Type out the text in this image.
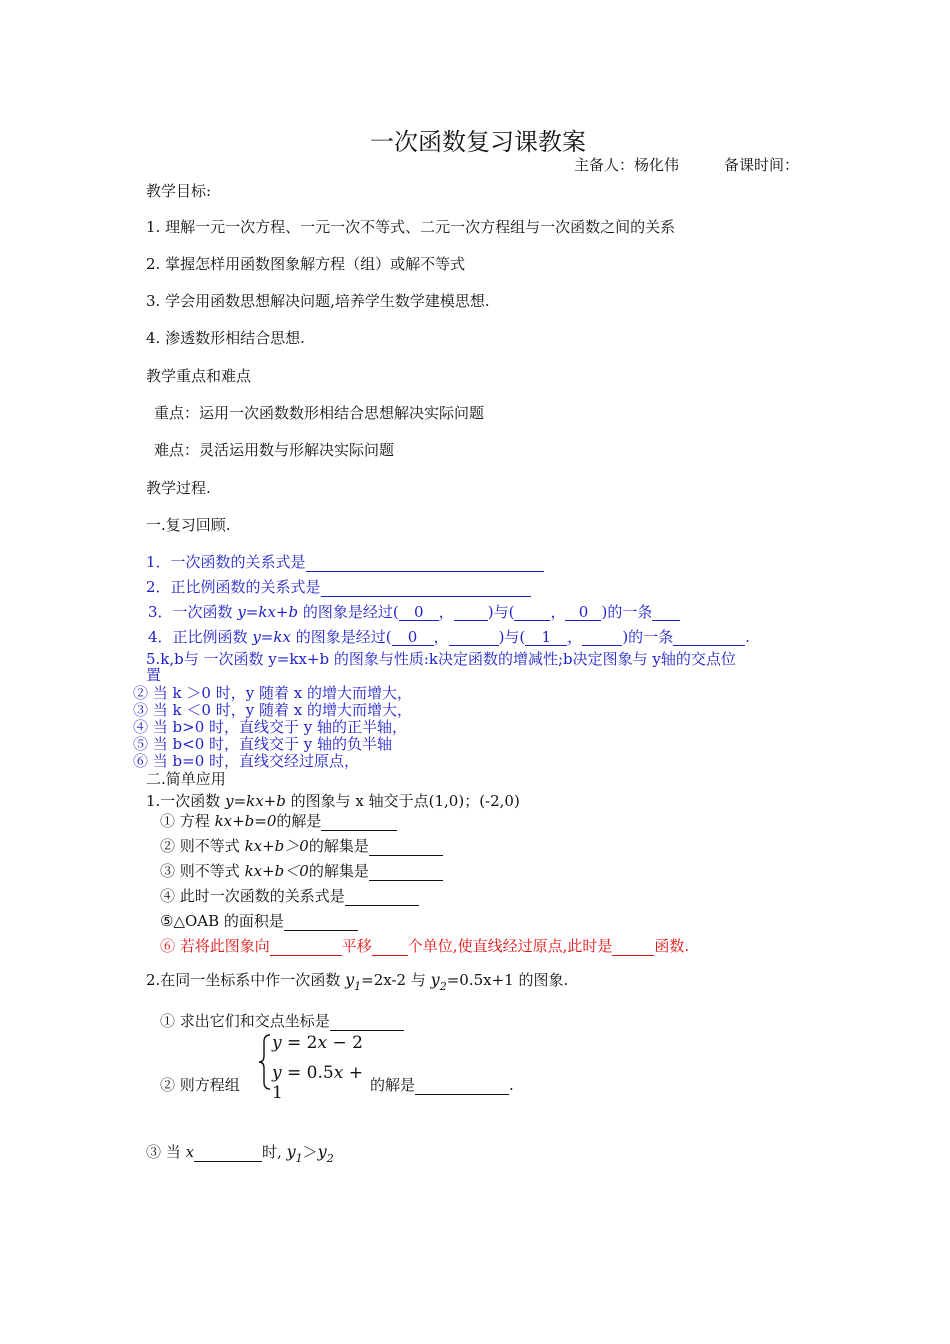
一次函数复习课教案
主备人：杨化伟	备课时间：
教学目标:
1. 理解一元一次方程、一元一次不等式、二元一次方程组与一次函数之间的关系
2. 掌握怎样用函数图象解方程（组）或解不等式
3. 学会用函数思想解决问题,培养学生数学建模思想.
4. 渗透数形相结合思想.
教学重点和难点
重点：运用一次函数数形相结合思想解决实际问题
难点：灵活运用数与形解决实际问题
教学过程.
一.复习回顾.
1．一次函数的关系式是
2．正比例函数的关系式是
3．一次函数 y=kx+b 的图象是经过( 0 ， )与( ， 0 )的一条
4．正比例函数 y=kx 的图象是经过( 0 ，	)与( 1 ，	)的一条	.
5.k,b与 一次函数 y=kx+b 的图象与性质:k决定函数的增减性;b决定图象与 y轴的交点位
置
② 当 k ＞0 时，y 随着 x 的增大而增大，
③ 当 k ＜0 时，y 随着 x 的增大而增大，
④ 当 b>0 时，直线交于 y 轴的正半轴，
⑤ 当 b<0 时，直线交于 y 轴的负半轴
⑥ 当 b=0 时，直线交经过原点，
二.简单应用
1.一次函数 y=kx+b 的图象与 x 轴交于点(1,0)；(-2,0)
① 方程 kx+b=0的解是
② 则不等式 kx+b＞0的解集是
③ 则不等式 kx+b＜0的解集是
④ 此时一次函数的关系式是
⑤△OAB 的面积是
⑥ 若将此图象向	平移 个单位,使直线经过原点,此时是	函数.
2.在同一坐标系中作一次函数 $y_1=2x-2$ 与 $y_2=0.5x+1$ 的图象.
① 求出它们和交点坐标是
y = 2x − 2
y = 0.5x + 1
② 则方程组	的解是	.
③ 当 x	时, $y_1>y_2$
